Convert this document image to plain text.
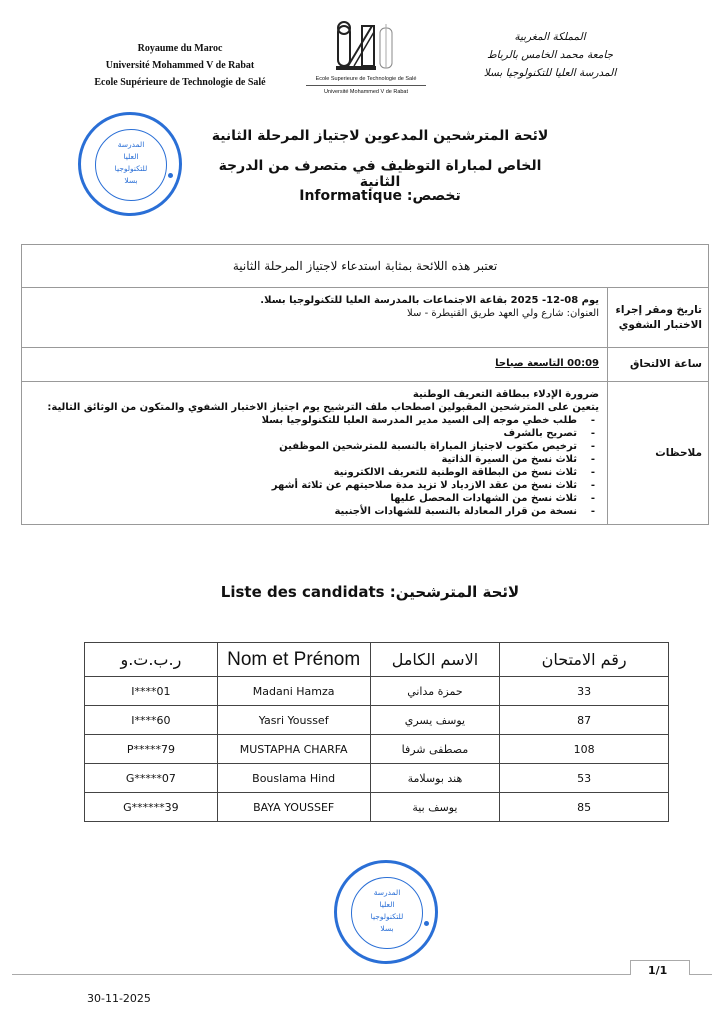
Royaume du Maroc
Université Mohammed V de Rabat
Ecole Supérieure de Technologie de Salé	Ecole Superieure de Technologie de Salé
Université Mohammed V de Rabat
المملكة المغربية
جامعة محمد الخامس بالرباط
المدرسة العليا للتكنولوجيا بسلا
المدرسة
العليا
للتكنولوجيا
بسلا
لائحة المترشحين المدعوين لاجتياز المرحلة الثانية
الخاص لمباراة التوظيف في متصرف من الدرجة الثانية
تخصص: Informatique
تعتبر هذه اللائحة بمثابة استدعاء لاجتياز المرحلة الثانية
تاريخ ومقر إجراء الاختبار الشفوي
يوم 08-12- 2025 بقاعة الاجتماعات بالمدرسة العليا للتكنولوجيا بسلا.
العنوان: شارع ولي العهد طريق القنيطرة - سلا
ساعة الالتحاق
00:09 التاسعة صباحا
ملاحظات
ضرورة الإدلاء ببطاقة التعريف الوطنية
يتعين على المترشحين المقبولين اصطحاب ملف الترشيح يوم اجتياز الاختبار الشفوي والمتكون من الوثائق التالية:
- طلب خطي موجه إلى السيد مدير المدرسة العليا للتكنولوجيا بسلا
- تصريح بالشرف
- ترخيص مكتوب لاجتياز المباراة بالنسبة للمترشحين الموظفين
- ثلاث نسخ من السيرة الذاتية
- ثلاث نسخ من البطاقة الوطنية للتعريف الالكترونية
- ثلاث نسخ من عقد الازدياد لا تزيد مدة صلاحيتهم عن ثلاثة أشهر
- ثلاث نسخ من الشهادات المحصل عليها
- نسخة من قرار المعادلة بالنسبة للشهادات الأجنبية
Liste des candidats :لائحة المترشحين
ر.ب.ت.و	Nom et Prénom	الاسم الكامل	رقم الامتحان
I****01	Madani Hamza	حمزة مداني	33
I****60	Yasri Youssef	يوسف يسري	87
P*****79	MUSTAPHA CHARFA	مصطفى شرفا	108
G*****07	Bouslama Hind	هند بوسلامة	53
G******39	BAYA YOUSSEF	يوسف بية	85
المدرسة
العليا
للتكنولوجيا
بسلا
1/1
30-11-2025
